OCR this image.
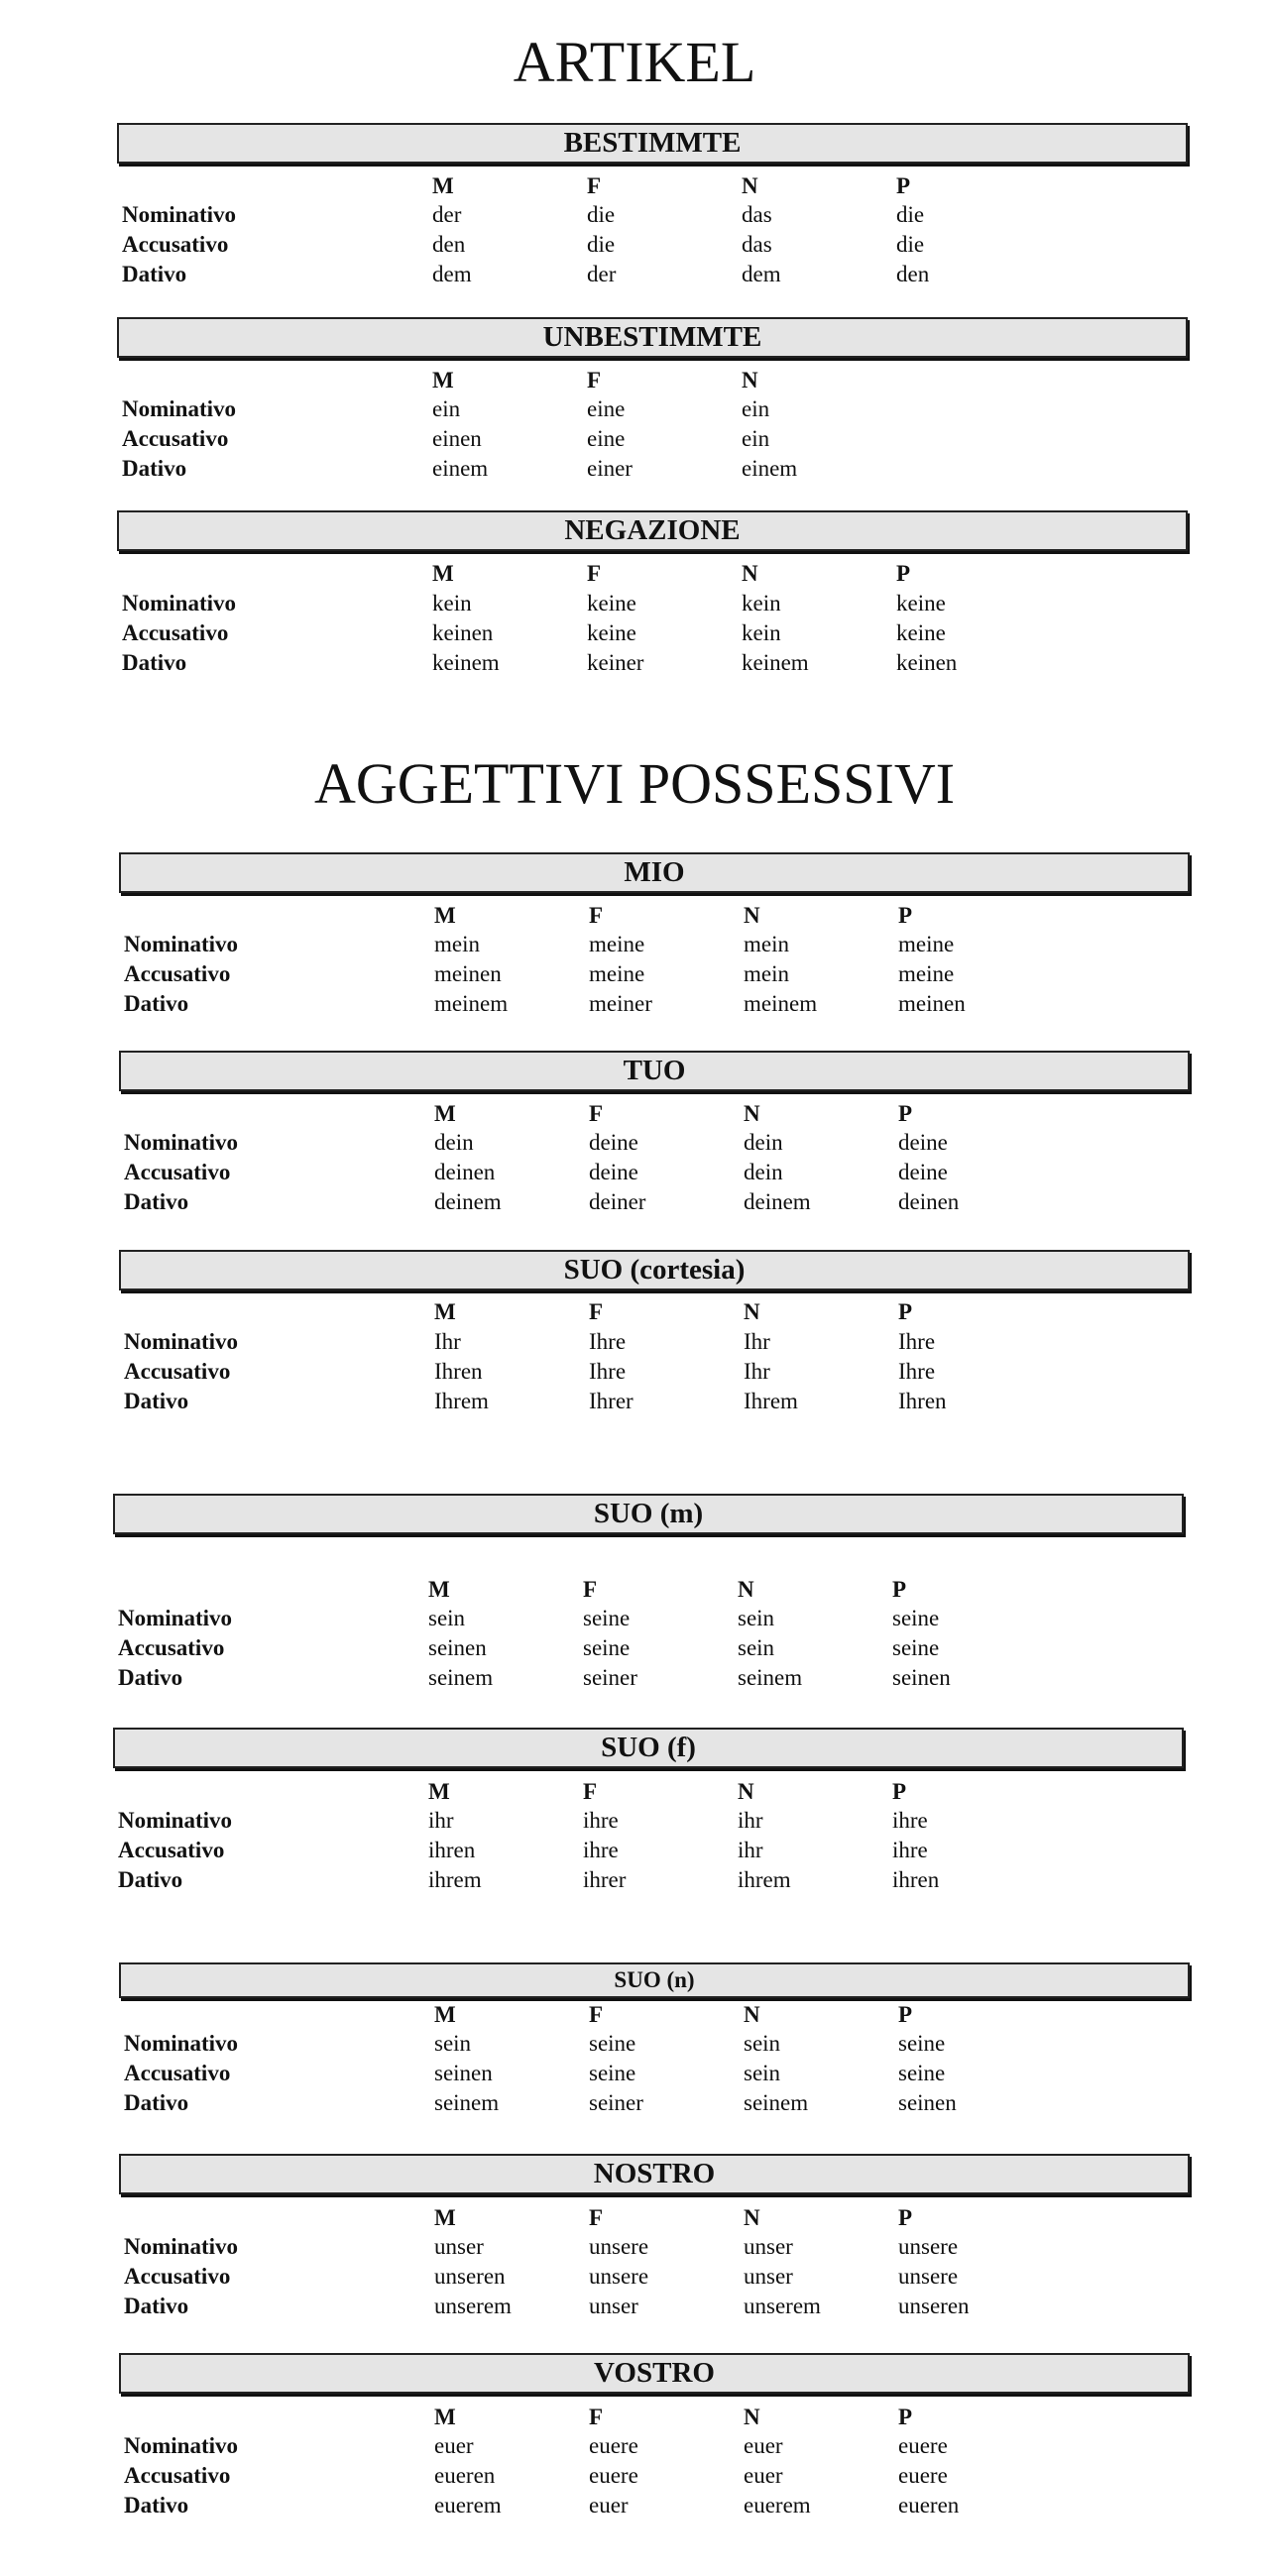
ARTIKEL
AGGETTIVI POSSESSIVI
BESTIMMTE
M	F	N	P
Nominativo	der	die	das	die
Accusativo	den	die	das	die
Dativo	dem	der	dem	den
UNBESTIMMTE
M	F	N
Nominativo	ein	eine	ein
Accusativo	einen	eine	ein
Dativo	einem	einer	einem
NEGAZIONE
M	F	N	P
Nominativo	kein	keine	kein	keine
Accusativo	keinen	keine	kein	keine
Dativo	keinem	keiner	keinem	keinen
MIO
M	F	N	P
Nominativo	mein	meine	mein	meine
Accusativo	meinen	meine	mein	meine
Dativo	meinem	meiner	meinem	meinen
TUO
M	F	N	P
Nominativo	dein	deine	dein	deine
Accusativo	deinen	deine	dein	deine
Dativo	deinem	deiner	deinem	deinen
SUO (cortesia)
M	F	N	P
Nominativo	Ihr	Ihre	Ihr	Ihre
Accusativo	Ihren	Ihre	Ihr	Ihre
Dativo	Ihrem	Ihrer	Ihrem	Ihren
SUO (m)
M	F	N	P
Nominativo	sein	seine	sein	seine
Accusativo	seinen	seine	sein	seine
Dativo	seinem	seiner	seinem	seinen
SUO (f)
M	F	N	P
Nominativo	ihr	ihre	ihr	ihre
Accusativo	ihren	ihre	ihr	ihre
Dativo	ihrem	ihrer	ihrem	ihren
SUO (n)
M	F	N	P
Nominativo	sein	seine	sein	seine
Accusativo	seinen	seine	sein	seine
Dativo	seinem	seiner	seinem	seinen
NOSTRO
M	F	N	P
Nominativo	unser	unsere	unser	unsere
Accusativo	unseren	unsere	unser	unsere
Dativo	unserem	unser	unserem	unseren
VOSTRO
M	F	N	P
Nominativo	euer	euere	euer	euere
Accusativo	eueren	euere	euer	euere
Dativo	euerem	euer	euerem	eueren
